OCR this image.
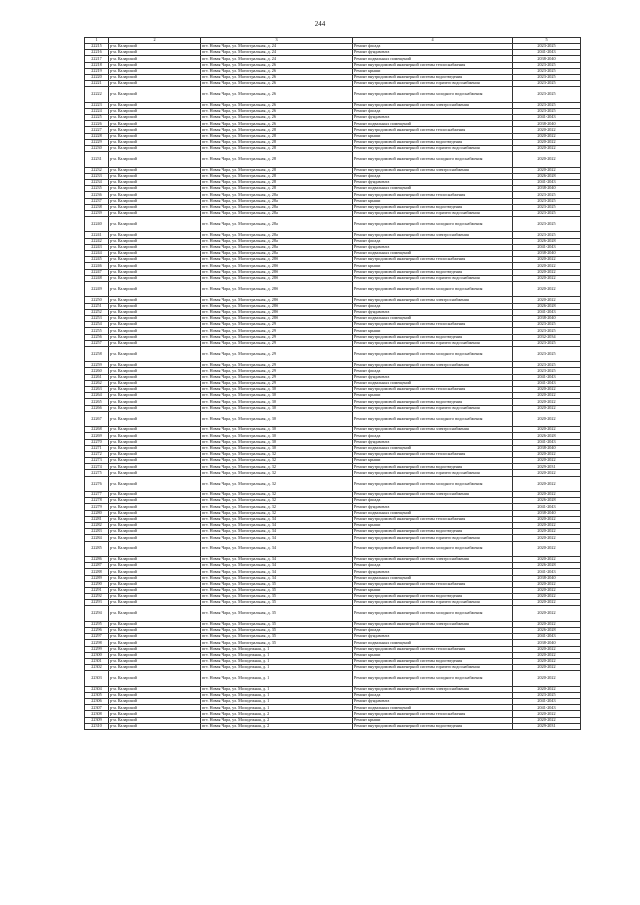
244
1	2	3	4	5
22215	р-н. Каларский	пгт. Новая Чара, ул. Магистральная, д. 24	Ремонт фасада	2023-2025
22216	р-н. Каларский	пгт. Новая Чара, ул. Магистральная, д. 24	Ремонт фундамента	2041-2043
22217	р-н. Каларский	пгт. Новая Чара, ул. Магистральная, д. 24	Ремонт подвальных помещений	2038-2040
22218	р-н. Каларский	пгт. Новая Чара, ул. Магистральная, д. 26	Ремонт внутридомовой инженерной системы теплоснабжения	2023-2025
22219	р-н. Каларский	пгт. Новая Чара, ул. Магистральная, д. 26	Ремонт крыши	2023-2025
22220	р-н. Каларский	пгт. Новая Чара, ул. Магистральная, д. 26	Ремонт внутридомовой инженерной системы водоотведения	2023-2025
22221	р-н. Каларский	пгт. Новая Чара, ул. Магистральная, д. 26	Ремонт внутридомовой инженерной системы горячего водоснабжения	2023-2025
22222	р-н. Каларский	пгт. Новая Чара, ул. Магистральная, д. 26	Ремонт внутридомовой инженерной системы холодного водоснабжения	2023-2025
22223	р-н. Каларский	пгт. Новая Чара, ул. Магистральная, д. 26	Ремонт внутридомовой инженерной системы электроснабжения	2023-2025
22224	р-н. Каларский	пгт. Новая Чара, ул. Магистральная, д. 26	Ремонт фасада	2023-2025
22225	р-н. Каларский	пгт. Новая Чара, ул. Магистральная, д. 26	Ремонт фундамента	2041-2043
22226	р-н. Каларский	пгт. Новая Чара, ул. Магистральная, д. 26	Ремонт подвальных помещений	2038-2040
22227	р-н. Каларский	пгт. Новая Чара, ул. Магистральная, д. 28	Ремонт внутридомовой инженерной системы теплоснабжения	2020-2022
22228	р-н. Каларский	пгт. Новая Чара, ул. Магистральная, д. 28	Ремонт крыши	2020-2022
22229	р-н. Каларский	пгт. Новая Чара, ул. Магистральная, д. 28	Ремонт внутридомовой инженерной системы водоотведения	2020-2022
22230	р-н. Каларский	пгт. Новая Чара, ул. Магистральная, д. 28	Ремонт внутридомовой инженерной системы горячего водоснабжения	2020-2022
22231	р-н. Каларский	пгт. Новая Чара, ул. Магистральная, д. 28	Ремонт внутридомовой инженерной системы холодного водоснабжения	2020-2022
22232	р-н. Каларский	пгт. Новая Чара, ул. Магистральная, д. 28	Ремонт внутридомовой инженерной системы электроснабжения	2020-2022
22233	р-н. Каларский	пгт. Новая Чара, ул. Магистральная, д. 28	Ремонт фасада	2026-2028
22234	р-н. Каларский	пгт. Новая Чара, ул. Магистральная, д. 28	Ремонт фундамента	2041-2043
22235	р-н. Каларский	пгт. Новая Чара, ул. Магистральная, д. 28	Ремонт подвальных помещений	2038-2040
22236	р-н. Каларский	пгт. Новая Чара, ул. Магистральная, д. 28а	Ремонт внутридомовой инженерной системы теплоснабжения	2023-2025
22237	р-н. Каларский	пгт. Новая Чара, ул. Магистральная, д. 28а	Ремонт крыши	2023-2025
22238	р-н. Каларский	пгт. Новая Чара, ул. Магистральная, д. 28а	Ремонт внутридомовой инженерной системы водоотведения	2023-2025
22239	р-н. Каларский	пгт. Новая Чара, ул. Магистральная, д. 28а	Ремонт внутридомовой инженерной системы горячего водоснабжения	2023-2025
22240	р-н. Каларский	пгт. Новая Чара, ул. Магистральная, д. 28а	Ремонт внутридомовой инженерной системы холодного водоснабжения	2023-2025
22241	р-н. Каларский	пгт. Новая Чара, ул. Магистральная, д. 28а	Ремонт внутридомовой инженерной системы электроснабжения	2023-2025
22242	р-н. Каларский	пгт. Новая Чара, ул. Магистральная, д. 28а	Ремонт фасада	2026-2028
22243	р-н. Каларский	пгт. Новая Чара, ул. Магистральная, д. 28а	Ремонт фундамента	2041-2043
22244	р-н. Каларский	пгт. Новая Чара, ул. Магистральная, д. 28а	Ремонт подвальных помещений	2038-2040
22245	р-н. Каларский	пгт. Новая Чара, ул. Магистральная, д. 28б	Ремонт внутридомовой инженерной системы теплоснабжения	2020-2022
22246	р-н. Каларский	пгт. Новая Чара, ул. Магистральная, д. 28б	Ремонт крыши	2020-2022
22247	р-н. Каларский	пгт. Новая Чара, ул. Магистральная, д. 28б	Ремонт внутридомовой инженерной системы водоотведения	2020-2022
22248	р-н. Каларский	пгт. Новая Чара, ул. Магистральная, д. 28б	Ремонт внутридомовой инженерной системы горячего водоснабжения	2020-2022
22249	р-н. Каларский	пгт. Новая Чара, ул. Магистральная, д. 28б	Ремонт внутридомовой инженерной системы холодного водоснабжения	2020-2022
22250	р-н. Каларский	пгт. Новая Чара, ул. Магистральная, д. 28б	Ремонт внутридомовой инженерной системы электроснабжения	2020-2022
22251	р-н. Каларский	пгт. Новая Чара, ул. Магистральная, д. 28б	Ремонт фасада	2026-2028
22252	р-н. Каларский	пгт. Новая Чара, ул. Магистральная, д. 28б	Ремонт фундамента	2041-2043
22253	р-н. Каларский	пгт. Новая Чара, ул. Магистральная, д. 28б	Ремонт подвальных помещений	2038-2040
22254	р-н. Каларский	пгт. Новая Чара, ул. Магистральная, д. 29	Ремонт внутридомовой инженерной системы теплоснабжения	2023-2025
22255	р-н. Каларский	пгт. Новая Чара, ул. Магистральная, д. 29	Ремонт крыши	2023-2025
22256	р-н. Каларский	пгт. Новая Чара, ул. Магистральная, д. 29	Ремонт внутридомовой инженерной системы водоотведения	2032-2034
22257	р-н. Каларский	пгт. Новая Чара, ул. Магистральная, д. 29	Ремонт внутридомовой инженерной системы горячего водоснабжения	2023-2025
22258	р-н. Каларский	пгт. Новая Чара, ул. Магистральная, д. 29	Ремонт внутридомовой инженерной системы холодного водоснабжения	2023-2025
22259	р-н. Каларский	пгт. Новая Чара, ул. Магистральная, д. 29	Ремонт внутридомовой инженерной системы электроснабжения	2023-2025
22260	р-н. Каларский	пгт. Новая Чара, ул. Магистральная, д. 29	Ремонт фасада	2023-2025
22261	р-н. Каларский	пгт. Новая Чара, ул. Магистральная, д. 29	Ремонт фундамента	2041-2043
22262	р-н. Каларский	пгт. Новая Чара, ул. Магистральная, д. 29	Ремонт подвальных помещений	2041-2043
22263	р-н. Каларский	пгт. Новая Чара, ул. Магистральная, д. 30	Ремонт внутридомовой инженерной системы теплоснабжения	2020-2022
22264	р-н. Каларский	пгт. Новая Чара, ул. Магистральная, д. 30	Ремонт крыши	2020-2022
22265	р-н. Каларский	пгт. Новая Чара, ул. Магистральная, д. 30	Ремонт внутридомовой инженерной системы водоотведения	2020-2022
22266	р-н. Каларский	пгт. Новая Чара, ул. Магистральная, д. 30	Ремонт внутридомовой инженерной системы горячего водоснабжения	2020-2022
22267	р-н. Каларский	пгт. Новая Чара, ул. Магистральная, д. 30	Ремонт внутридомовой инженерной системы холодного водоснабжения	2020-2022
22268	р-н. Каларский	пгт. Новая Чара, ул. Магистральная, д. 30	Ремонт внутридомовой инженерной системы электроснабжения	2020-2022
22269	р-н. Каларский	пгт. Новая Чара, ул. Магистральная, д. 30	Ремонт фасада	2026-2028
22270	р-н. Каларский	пгт. Новая Чара, ул. Магистральная, д. 30	Ремонт фундамента	2041-2043
22271	р-н. Каларский	пгт. Новая Чара, ул. Магистральная, д. 30	Ремонт подвальных помещений	2038-2040
22272	р-н. Каларский	пгт. Новая Чара, ул. Магистральная, д. 32	Ремонт внутридомовой инженерной системы теплоснабжения	2020-2022
22273	р-н. Каларский	пгт. Новая Чара, ул. Магистральная, д. 32	Ремонт крыши	2020-2022
22274	р-н. Каларский	пгт. Новая Чара, ул. Магистральная, д. 32	Ремонт внутридомовой инженерной системы водоотведения	2029-2031
22275	р-н. Каларский	пгт. Новая Чара, ул. Магистральная, д. 32	Ремонт внутридомовой инженерной системы горячего водоснабжения	2020-2022
22276	р-н. Каларский	пгт. Новая Чара, ул. Магистральная, д. 32	Ремонт внутридомовой инженерной системы холодного водоснабжения	2020-2022
22277	р-н. Каларский	пгт. Новая Чара, ул. Магистральная, д. 32	Ремонт внутридомовой инженерной системы электроснабжения	2020-2022
22278	р-н. Каларский	пгт. Новая Чара, ул. Магистральная, д. 32	Ремонт фасада	2026-2028
22279	р-н. Каларский	пгт. Новая Чара, ул. Магистральная, д. 32	Ремонт фундамента	2041-2043
22280	р-н. Каларский	пгт. Новая Чара, ул. Магистральная, д. 32	Ремонт подвальных помещений	2038-2040
22281	р-н. Каларский	пгт. Новая Чара, ул. Магистральная, д. 34	Ремонт внутридомовой инженерной системы теплоснабжения	2020-2022
22282	р-н. Каларский	пгт. Новая Чара, ул. Магистральная, д. 34	Ремонт крыши	2020-2022
22283	р-н. Каларский	пгт. Новая Чара, ул. Магистральная, д. 34	Ремонт внутридомовой инженерной системы водоотведения	2020-2022
22284	р-н. Каларский	пгт. Новая Чара, ул. Магистральная, д. 34	Ремонт внутридомовой инженерной системы горячего водоснабжения	2020-2022
22285	р-н. Каларский	пгт. Новая Чара, ул. Магистральная, д. 34	Ремонт внутридомовой инженерной системы холодного водоснабжения	2020-2022
22286	р-н. Каларский	пгт. Новая Чара, ул. Магистральная, д. 34	Ремонт внутридомовой инженерной системы электроснабжения	2020-2022
22287	р-н. Каларский	пгт. Новая Чара, ул. Магистральная, д. 34	Ремонт фасада	2026-2028
22288	р-н. Каларский	пгт. Новая Чара, ул. Магистральная, д. 34	Ремонт фундамента	2041-2043
22289	р-н. Каларский	пгт. Новая Чара, ул. Магистральная, д. 34	Ремонт подвальных помещений	2038-2040
22290	р-н. Каларский	пгт. Новая Чара, ул. Магистральная, д. 35	Ремонт внутридомовой инженерной системы теплоснабжения	2020-2022
22291	р-н. Каларский	пгт. Новая Чара, ул. Магистральная, д. 35	Ремонт крыши	2020-2022
22292	р-н. Каларский	пгт. Новая Чара, ул. Магистральная, д. 35	Ремонт внутридомовой инженерной системы водоотведения	2020-2022
22293	р-н. Каларский	пгт. Новая Чара, ул. Магистральная, д. 35	Ремонт внутридомовой инженерной системы горячего водоснабжения	2020-2022
22294	р-н. Каларский	пгт. Новая Чара, ул. Магистральная, д. 35	Ремонт внутридомовой инженерной системы холодного водоснабжения	2020-2022
22295	р-н. Каларский	пгт. Новая Чара, ул. Магистральная, д. 35	Ремонт внутридомовой инженерной системы электроснабжения	2020-2022
22296	р-н. Каларский	пгт. Новая Чара, ул. Магистральная, д. 35	Ремонт фасада	2026-2028
22297	р-н. Каларский	пгт. Новая Чара, ул. Магистральная, д. 35	Ремонт фундамента	2041-2043
22298	р-н. Каларский	пгт. Новая Чара, ул. Магистральная, д. 35	Ремонт подвальных помещений	2038-2040
22299	р-н. Каларский	пгт. Новая Чара, ул. Молодежная, д. 1	Ремонт внутридомовой инженерной системы теплоснабжения	2020-2022
22300	р-н. Каларский	пгт. Новая Чара, ул. Молодежная, д. 1	Ремонт крыши	2020-2022
22301	р-н. Каларский	пгт. Новая Чара, ул. Молодежная, д. 1	Ремонт внутридомовой инженерной системы водоотведения	2020-2022
22302	р-н. Каларский	пгт. Новая Чара, ул. Молодежная, д. 1	Ремонт внутридомовой инженерной системы горячего водоснабжения	2020-2022
22303	р-н. Каларский	пгт. Новая Чара, ул. Молодежная, д. 1	Ремонт внутридомовой инженерной системы холодного водоснабжения	2020-2022
22304	р-н. Каларский	пгт. Новая Чара, ул. Молодежная, д. 1	Ремонт внутридомовой инженерной системы электроснабжения	2020-2022
22305	р-н. Каларский	пгт. Новая Чара, ул. Молодежная, д. 1	Ремонт фасада	2023-2025
22306	р-н. Каларский	пгт. Новая Чара, ул. Молодежная, д. 1	Ремонт фундамента	2041-2043
22307	р-н. Каларский	пгт. Новая Чара, ул. Молодежная, д. 1	Ремонт подвальных помещений	2041-2043
22308	р-н. Каларский	пгт. Новая Чара, ул. Молодежная, д. 2	Ремонт внутридомовой инженерной системы теплоснабжения	2020-2022
22309	р-н. Каларский	пгт. Новая Чара, ул. Молодежная, д. 2	Ремонт крыши	2020-2022
22310	р-н. Каларский	пгт. Новая Чара, ул. Молодежная, д. 2	Ремонт внутридомовой инженерной системы водоотведения	2029-2031
